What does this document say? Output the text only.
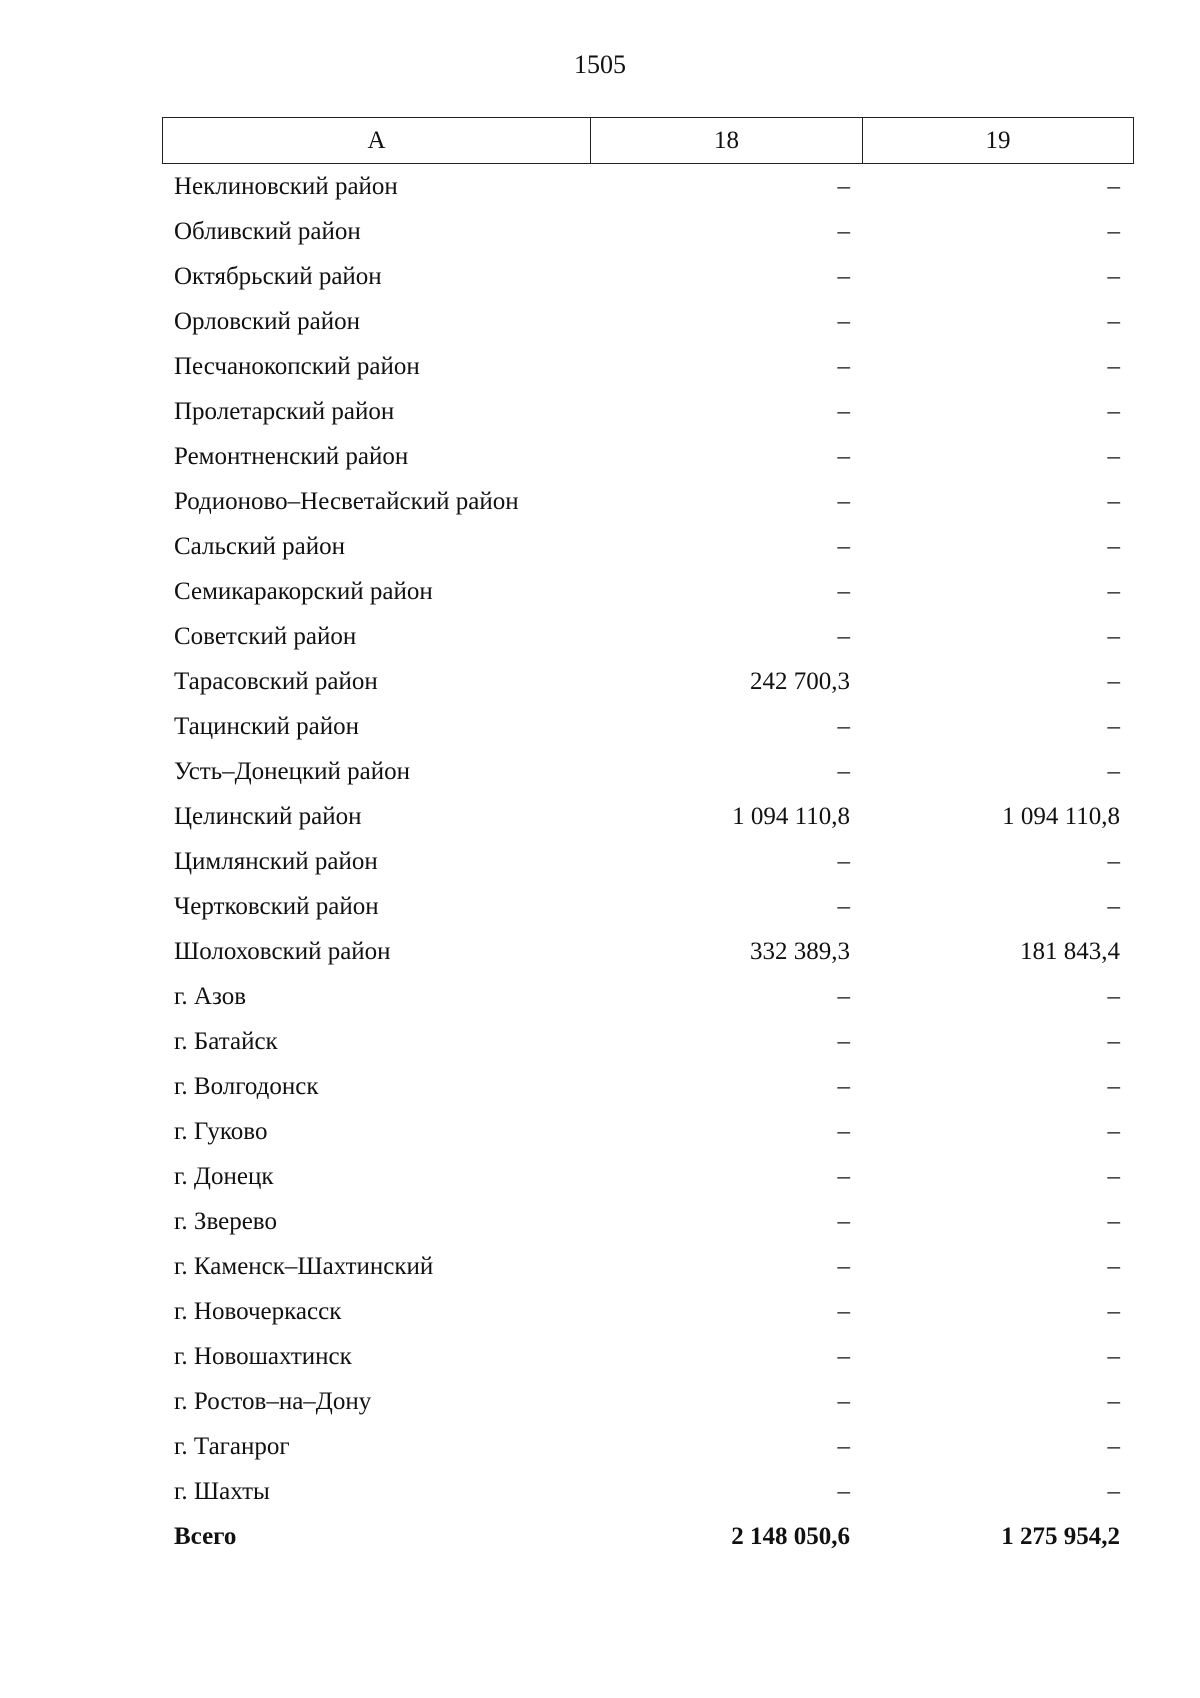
1505
А	18	19
Неклиновский район	–	–
Обливский район	–	–
Октябрьский район	–	–
Орловский район	–	–
Песчанокопский район	–	–
Пролетарский район	–	–
Ремонтненский район	–	–
Родионово–Несветайский район	–	–
Сальский район	–	–
Семикаракорский район	–	–
Советский район	–	–
Тарасовский район	242 700,3	–
Тацинский район	–	–
Усть–Донецкий район	–	–
Целинский район	1 094 110,8	1 094 110,8
Цимлянский район	–	–
Чертковский район	–	–
Шолоховский район	332 389,3	181 843,4
г. Азов	–	–
г. Батайск	–	–
г. Волгодонск	–	–
г. Гуково	–	–
г. Донецк	–	–
г. Зверево	–	–
г. Каменск–Шахтинский	–	–
г. Новочеркасск	–	–
г. Новошахтинск	–	–
г. Ростов–на–Дону	–	–
г. Таганрог	–	–
г. Шахты	–	–
Всего	2 148 050,6	1 275 954,2
